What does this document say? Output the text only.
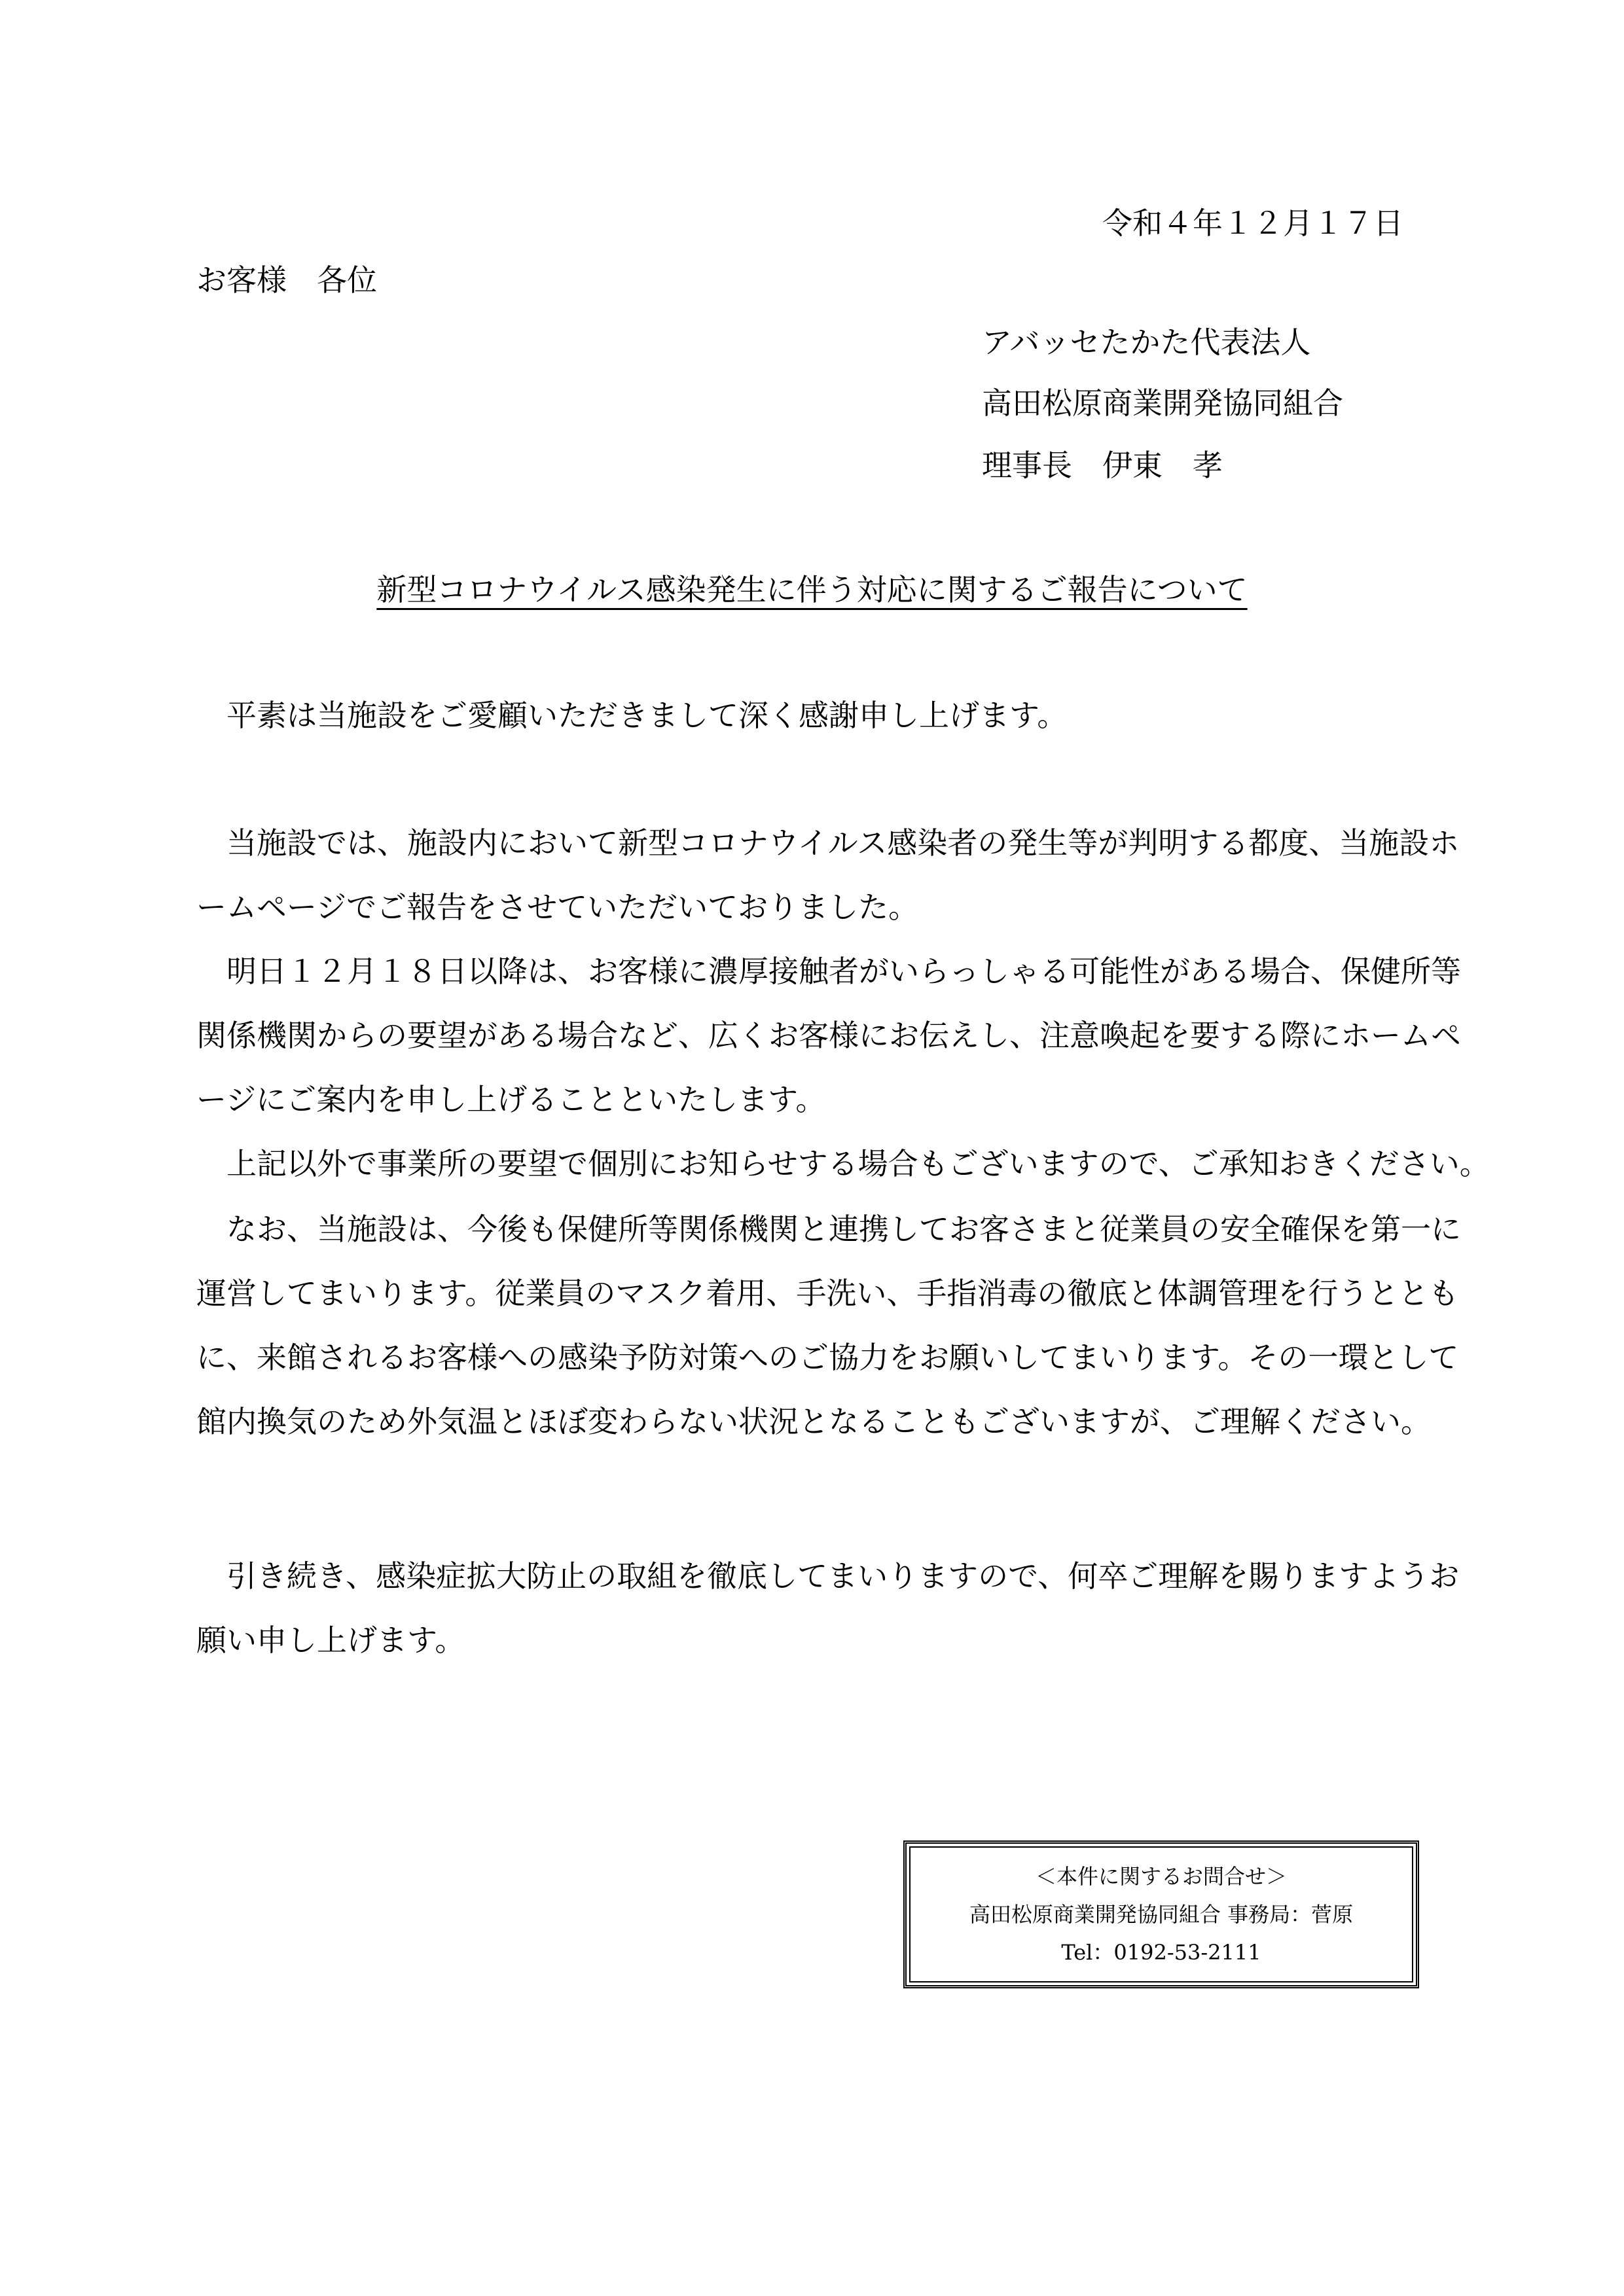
令和４年１２月１７日
お客様　各位
アバッセたかた代表法人
高田松原商業開発協同組合
理事長　伊東　孝
新型コロナウイルス感染発生に伴う対応に関するご報告について
　平素は当施設をご愛顧いただきまして深く感謝申し上げます。
　当施設では、施設内において新型コロナウイルス感染者の発生等が判明する都度、当施設ホ
ームページでご報告をさせていただいておりました。
　明日１２月１８日以降は、お客様に濃厚接触者がいらっしゃる可能性がある場合、保健所等
関係機関からの要望がある場合など、広くお客様にお伝えし、注意喚起を要する際にホームペ
ージにご案内を申し上げることといたします。
　上記以外で事業所の要望で個別にお知らせする場合もございますので、ご承知おきください。
　なお、当施設は、今後も保健所等関係機関と連携してお客さまと従業員の安全確保を第一に
運営してまいります。従業員のマスク着用、手洗い、手指消毒の徹底と体調管理を行うととも
に、来館されるお客様への感染予防対策へのご協力をお願いしてまいります。その一環として
館内換気のため外気温とほぼ変わらない状況となることもございますが、ご理解ください。
　引き続き、感染症拡大防止の取組を徹底してまいりますので、何卒ご理解を賜りますようお
願い申し上げます。
＜本件に関するお問合せ＞
高田松原商業開発協同組合 事務局：菅原
Tel：0192-53-2111
